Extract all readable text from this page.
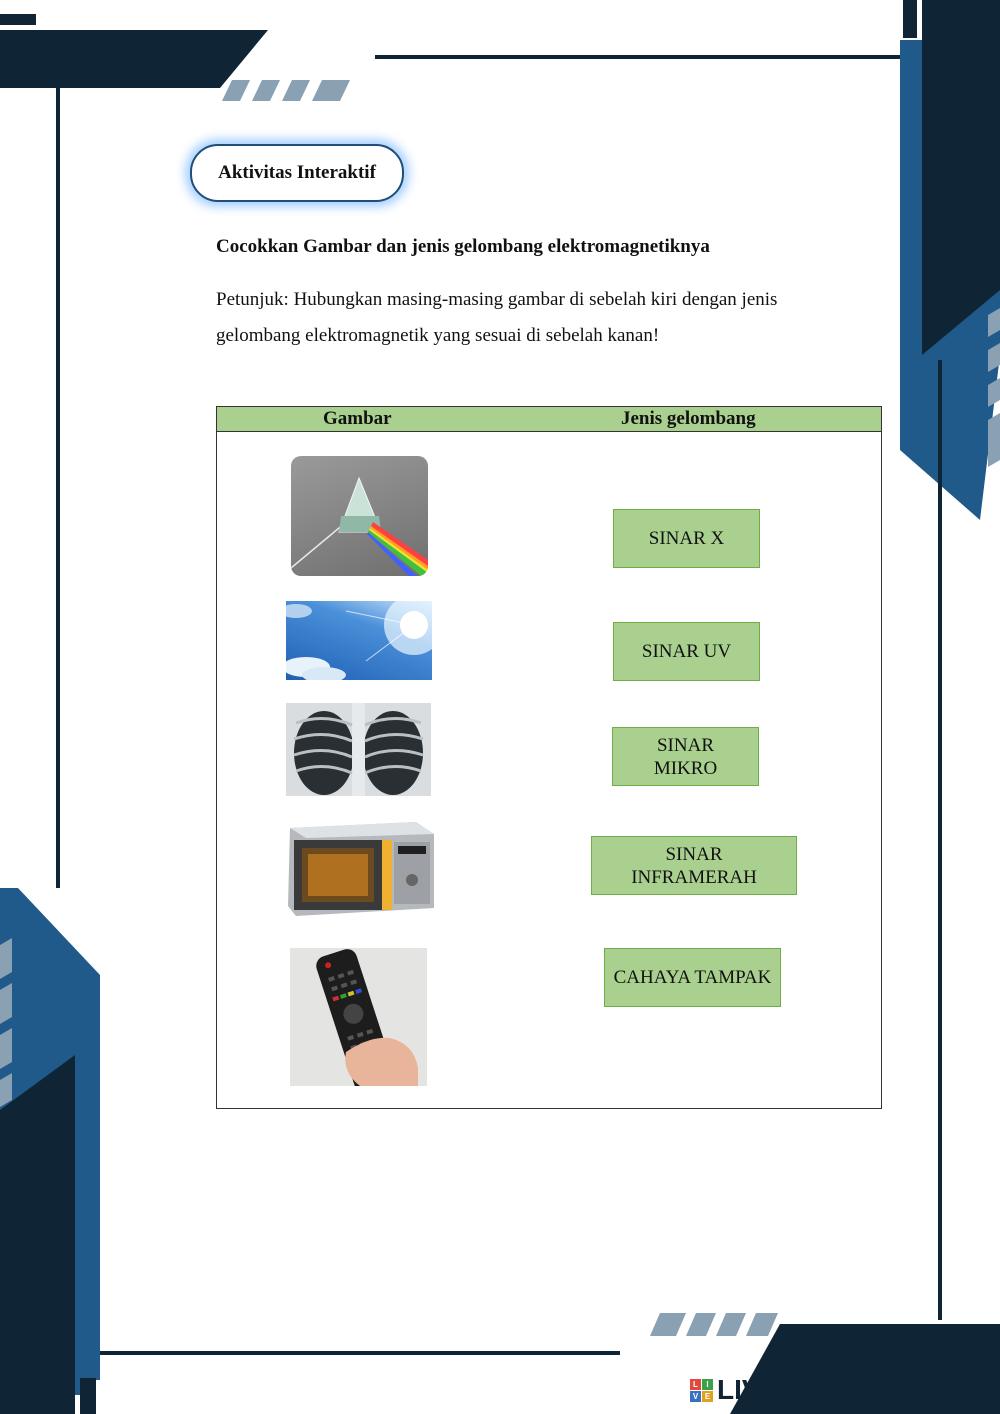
Aktivitas Interaktif
Cocokkan Gambar dan jenis gelombang elektromagnetiknya
Petunjuk: Hubungkan masing-masing gambar di sebelah kiri dengan jenis gelombang elektromagnetik yang sesuai di sebelah kanan!
Gambar	Jenis gelombang
SINAR X
SINAR UV
SINAR MIKRO
SINAR INFRAMERAH
CAHAYA TAMPAK
L	I
V E LIVEWORKSHEETS
